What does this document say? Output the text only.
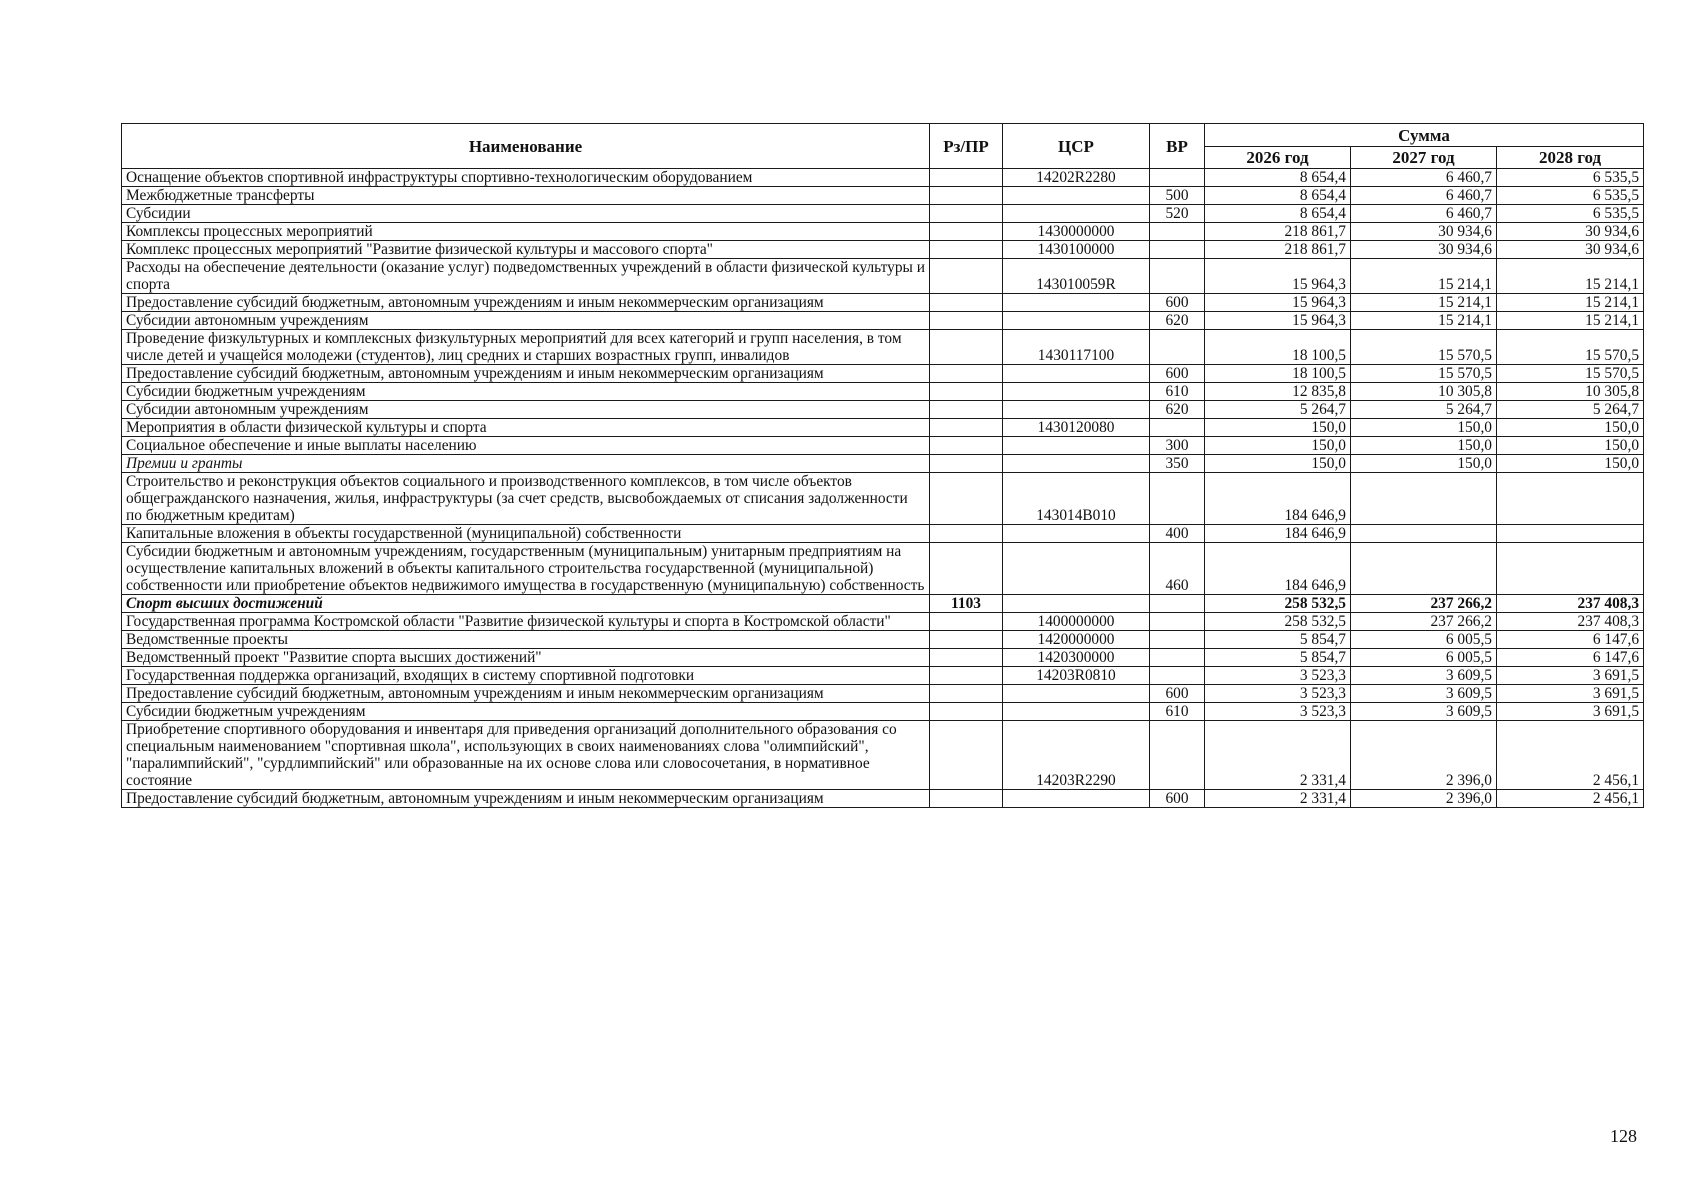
Наименование	Рз/ПР	ЦСР	ВР	Сумма		
				2026 год	2027 год	2028 год
Оснащение объектов спортивной инфраструктуры спортивно-технологическим оборудованием		14202R2280		8 654,4	6 460,7	6 535,5
Межбюджетные трансферты			500	8 654,4	6 460,7	6 535,5
Субсидии			520	8 654,4	6 460,7	6 535,5
Комплексы процессных мероприятий		1430000000		218 861,7	30 934,6	30 934,6
Комплекс процессных мероприятий "Развитие физической культуры и массового спорта"		1430100000		218 861,7	30 934,6	30 934,6
Расходы на обеспечение деятельности (оказание услуг) подведомственных учреждений в области физической культуры и спорта		143010059R		15 964,3	15 214,1	15 214,1
Предоставление субсидий бюджетным, автономным учреждениям и иным некоммерческим организациям			600	15 964,3	15 214,1	15 214,1
Субсидии автономным учреждениям			620	15 964,3	15 214,1	15 214,1
Проведение физкультурных и комплексных физкультурных мероприятий для всех категорий и групп населения, в том числе детей и учащейся молодежи (студентов), лиц средних и старших возрастных групп, инвалидов		1430117100		18 100,5	15 570,5	15 570,5
Предоставление субсидий бюджетным, автономным учреждениям и иным некоммерческим организациям			600	18 100,5	15 570,5	15 570,5
Субсидии бюджетным учреждениям			610	12 835,8	10 305,8	10 305,8
Субсидии автономным учреждениям			620	5 264,7	5 264,7	5 264,7
Мероприятия в области физической культуры и спорта		1430120080		150,0	150,0	150,0
Социальное обеспечение и иные выплаты населению			300	150,0	150,0	150,0
Премии и гранты			350	150,0	150,0	150,0
Строительство и реконструкция объектов социального и производственного комплексов, в том числе объектов общегражданского назначения, жилья, инфраструктуры (за счет средств, высвобождаемых от списания задолженности по бюджетным кредитам)		143014B010		184 646,9		
Капитальные вложения в объекты государственной (муниципальной) собственности			400	184 646,9		
Субсидии бюджетным и автономным учреждениям, государственным (муниципальным) унитарным предприятиям на осуществление капитальных вложений в объекты капитального строительства государственной (муниципальной) собственности или приобретение объектов недвижимого имущества в государственную (муниципальную) собственность			460	184 646,9		
Спорт высших достижений	1103			258 532,5	237 266,2	237 408,3
Государственная программа Костромской области "Развитие физической культуры и спорта в Костромской области"		1400000000		258 532,5	237 266,2	237 408,3
Ведомственные проекты		1420000000		5 854,7	6 005,5	6 147,6
Ведомственный проект "Развитие спорта высших достижений"		1420300000		5 854,7	6 005,5	6 147,6
Государственная поддержка организаций, входящих в систему спортивной подготовки		14203R0810		3 523,3	3 609,5	3 691,5
Предоставление субсидий бюджетным, автономным учреждениям и иным некоммерческим организациям			600	3 523,3	3 609,5	3 691,5
Субсидии бюджетным учреждениям			610	3 523,3	3 609,5	3 691,5
Приобретение спортивного оборудования и инвентаря для приведения организаций дополнительного образования со специальным наименованием "спортивная школа", использующих в своих наименованиях слова "олимпийский", "паралимпийский", "сурдлимпийский" или образованные на их основе слова или словосочетания, в нормативное состояние		14203R2290		2 331,4	2 396,0	2 456,1
Предоставление субсидий бюджетным, автономным учреждениям и иным некоммерческим организациям			600	2 331,4	2 396,0	2 456,1
128
